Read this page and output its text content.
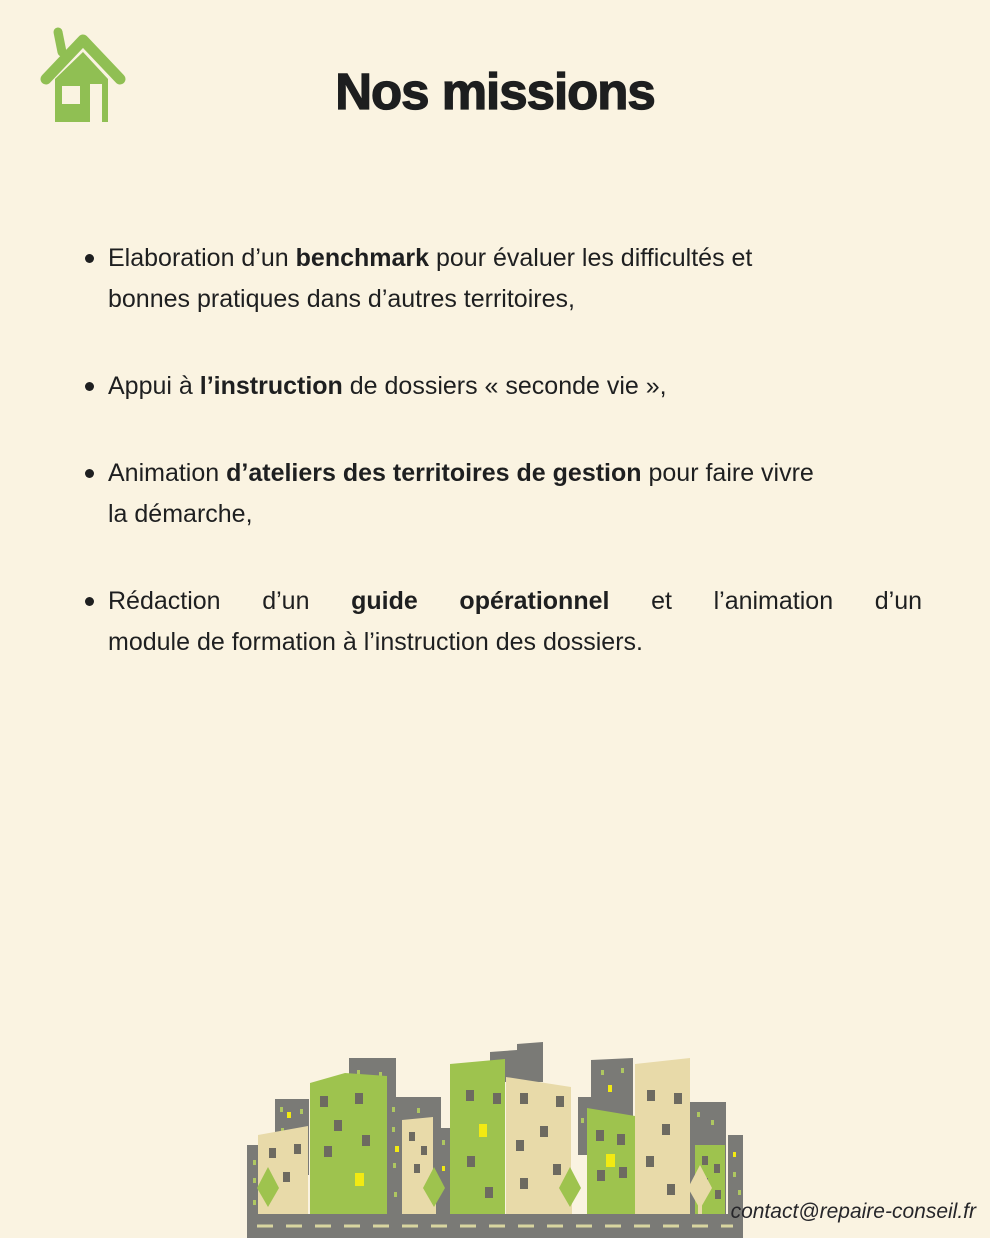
Nos missions
Elaboration d’un benchmark pour évaluer les difficultés et
bonnes pratiques dans d’autres territoires,
Appui à l’instruction de dossiers « seconde vie »,
Animation d’ateliers des territoires de gestion pour faire vivre
la démarche,
Rédaction d’un guide opérationnel et l’animation d’un
module de formation à l’instruction des dossiers.
contact@repaire-conseil.fr
